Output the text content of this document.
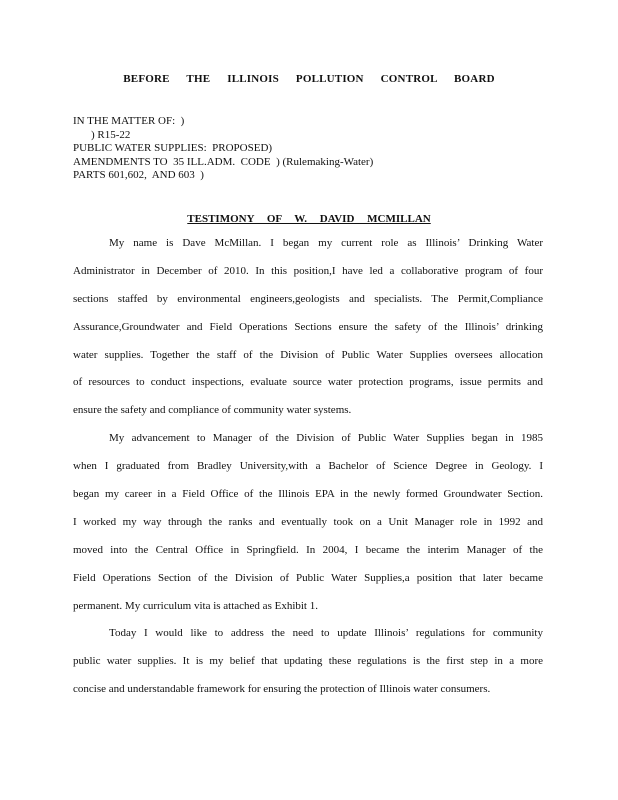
BEFORE THE ILLINOIS POLLUTION CONTROL BOARD
IN THE MATTER OF:  )
) R15-22
PUBLIC WATER SUPPLIES:  PROPOSED)
AMENDMENTS TO  35 ILL.ADM.  CODE  ) (Rulemaking-Water)
PARTS 601,602,  AND 603  )
TESTIMONY OF W. DAVID MCMILLAN
My name is Dave McMillan. I began my current role as Illinois’ Drinking Water
Administrator in December of 2010. In this position,I have led a collaborative program of four
sections staffed by environmental engineers,geologists and specialists. The Permit,Compliance
Assurance,Groundwater and Field Operations Sections ensure the safety of the Illinois’ drinking
water supplies. Together the staff of the Division of Public Water Supplies oversees allocation
of resources to conduct inspections, evaluate source water protection programs, issue permits and
ensure the safety and compliance of community water systems.
My advancement to Manager of the Division of Public Water Supplies began in 1985
when I graduated from Bradley University,with a Bachelor of Science Degree in Geology. I
began my career in a Field Office of the Illinois EPA in the newly formed Groundwater Section.
I worked my way through the ranks and eventually took on a Unit Manager role in 1992 and
moved into the Central Office in Springfield. In 2004, I became the interim Manager of the
Field Operations Section of the Division of Public Water Supplies,a position that later became
permanent. My curriculum vita is attached as Exhibit 1.
Today I would like to address the need to update Illinois’ regulations for community
public water supplies. It is my belief that updating these regulations is the first step in a more
concise and understandable framework for ensuring the protection of Illinois water consumers.
